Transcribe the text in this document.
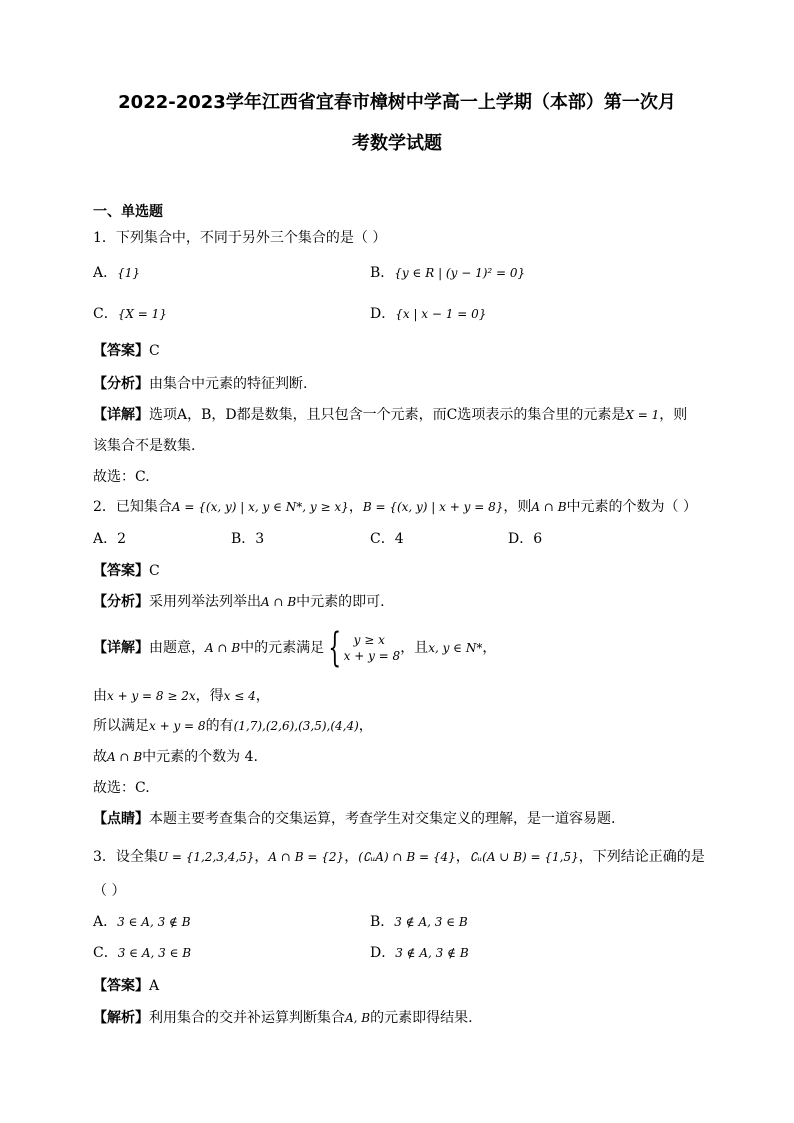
2022-2023学年江西省宜春市樟树中学高一上学期（本部）第一次月
考数学试题
一、单选题
1．下列集合中，不同于另外三个集合的是（ ）
A．{1}	B．{y ∈ R | (y − 1)² = 0}
C．{X = 1}	D．{x | x − 1 = 0}
【答案】C
【分析】由集合中元素的特征判断.
【详解】选项A，B，D都是数集，且只包含一个元素，而C选项表示的集合里的元素是X = 1，则
该集合不是数集.
故选：C.
2．已知集合A = {(x, y) | x, y ∈ N*, y ≥ x}，B = {(x, y) | x + y = 8}，则A ∩ B中元素的个数为（ ）
A．2	B．3	C．4	D．6
【答案】C
【分析】采用列举法列举出A ∩ B中元素的即可.
【详解】由题意，A ∩ B中的元素满足 { y ≥ x
x + y = 8，且x, y ∈ N*，
由x + y = 8 ≥ 2x，得x ≤ 4，
所以满足x + y = 8的有(1,7),(2,6),(3,5),(4,4)，
故A ∩ B中元素的个数为 4.
故选：C.
【点睛】本题主要考查集合的交集运算，考查学生对交集定义的理解，是一道容易题.
3．设全集U = {1,2,3,4,5}，A ∩ B = {2}，(∁ᵤA) ∩ B = {4}，∁ᵤ(A ∪ B) = {1,5}，下列结论正确的是
（ ）
A．3 ∈ A, 3 ∉ B	B．3 ∉ A, 3 ∈ B
C．3 ∈ A, 3 ∈ B	D．3 ∉ A, 3 ∉ B
【答案】A
【解析】利用集合的交并补运算判断集合A, B的元素即得结果.
